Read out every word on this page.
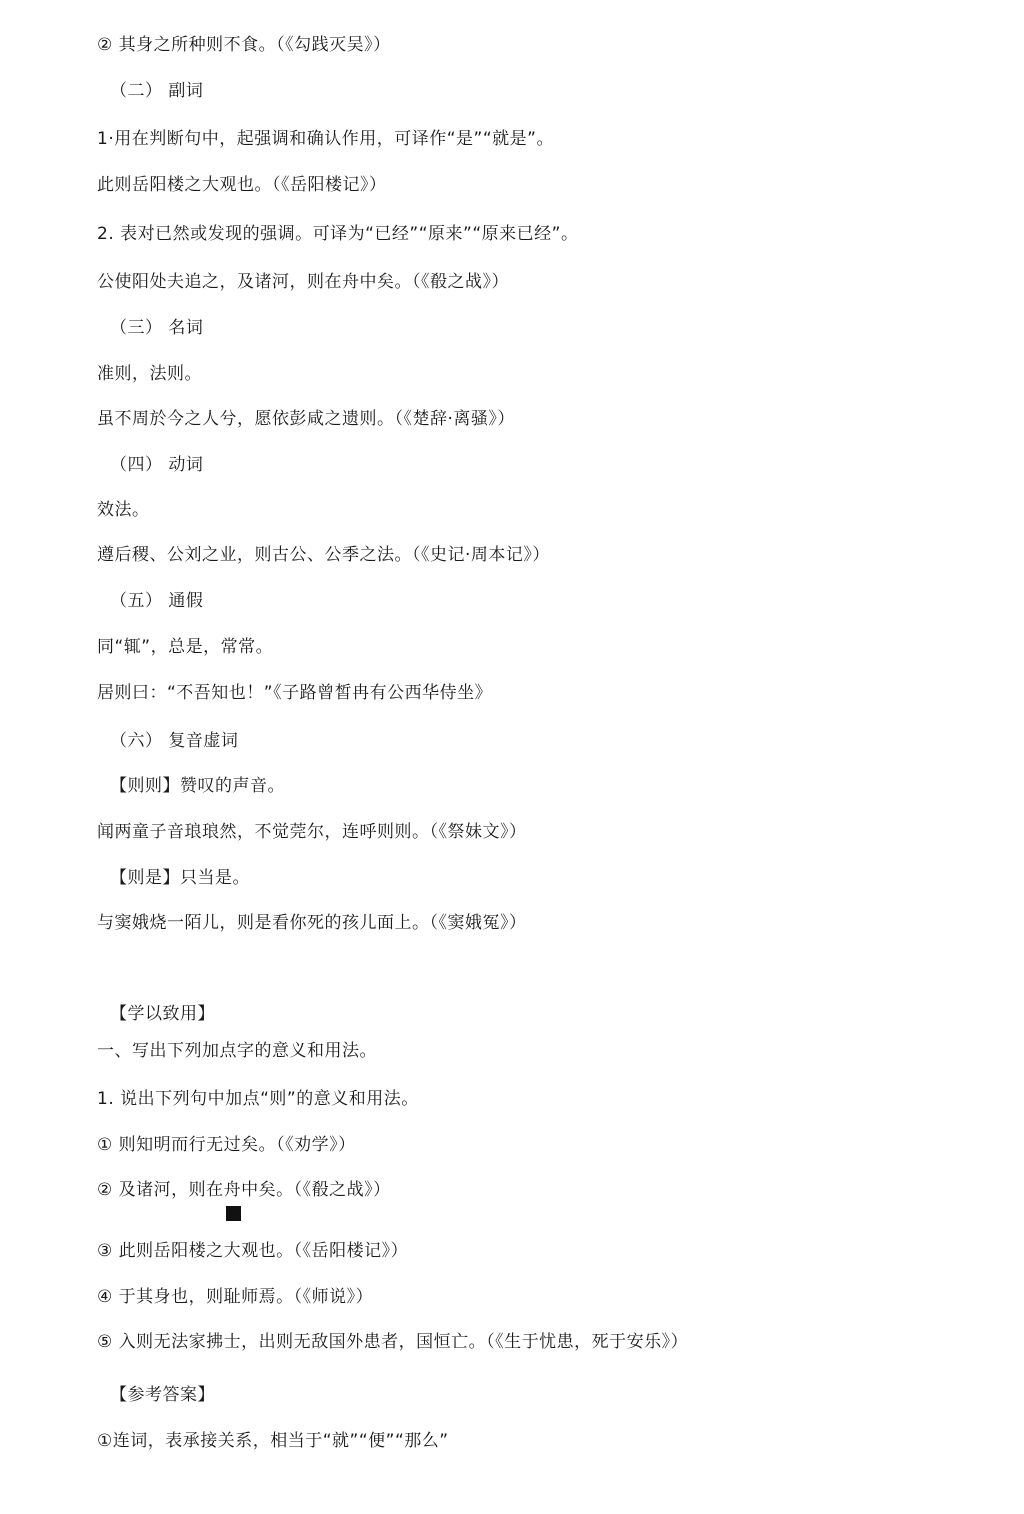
② 其身之所种则不食。（《勾践灭吴》）
（二） 副词
1·用在判断句中，起强调和确认作用，可译作“是”“就是”。
此则岳阳楼之大观也。（《岳阳楼记》）
2. 表对已然或发现的强调。可译为“已经”“原来”“原来已经”。
公使阳处夫追之，及诸河，则在舟中矣。（《殽之战》）
（三） 名词
准则，法则。
虽不周於今之人兮，愿依彭咸之遗则。（《楚辞·离骚》）
（四） 动词
效法。
遵后稷、公刘之业，则古公、公季之法。（《史记·周本记》）
（五） 通假
同“辄”，总是，常常。
居则曰：“不吾知也！”《子路曾皙冉有公西华侍坐》
（六） 复音虚词
【则则】赞叹的声音。
闻两童子音琅琅然，不觉莞尔，连呼则则。（《祭妹文》）
【则是】只当是。
与窦娥烧一陌儿，则是看你死的孩儿面上。（《窦娥冤》）
【学以致用】
一、写出下列加点字的意义和用法。
1. 说出下列句中加点“则”的意义和用法。
① 则知明而行无过矣。（《劝学》）
② 及诸河，则在舟中矣。（《殽之战》）
③ 此则岳阳楼之大观也。（《岳阳楼记》）
④ 于其身也，则耻师焉。（《师说》）
⑤ 入则无法家拂士，出则无敌国外患者，国恒亡。（《生于忧患，死于安乐》）
【参考答案】
①连词，表承接关系，相当于“就”“便”“那么”
